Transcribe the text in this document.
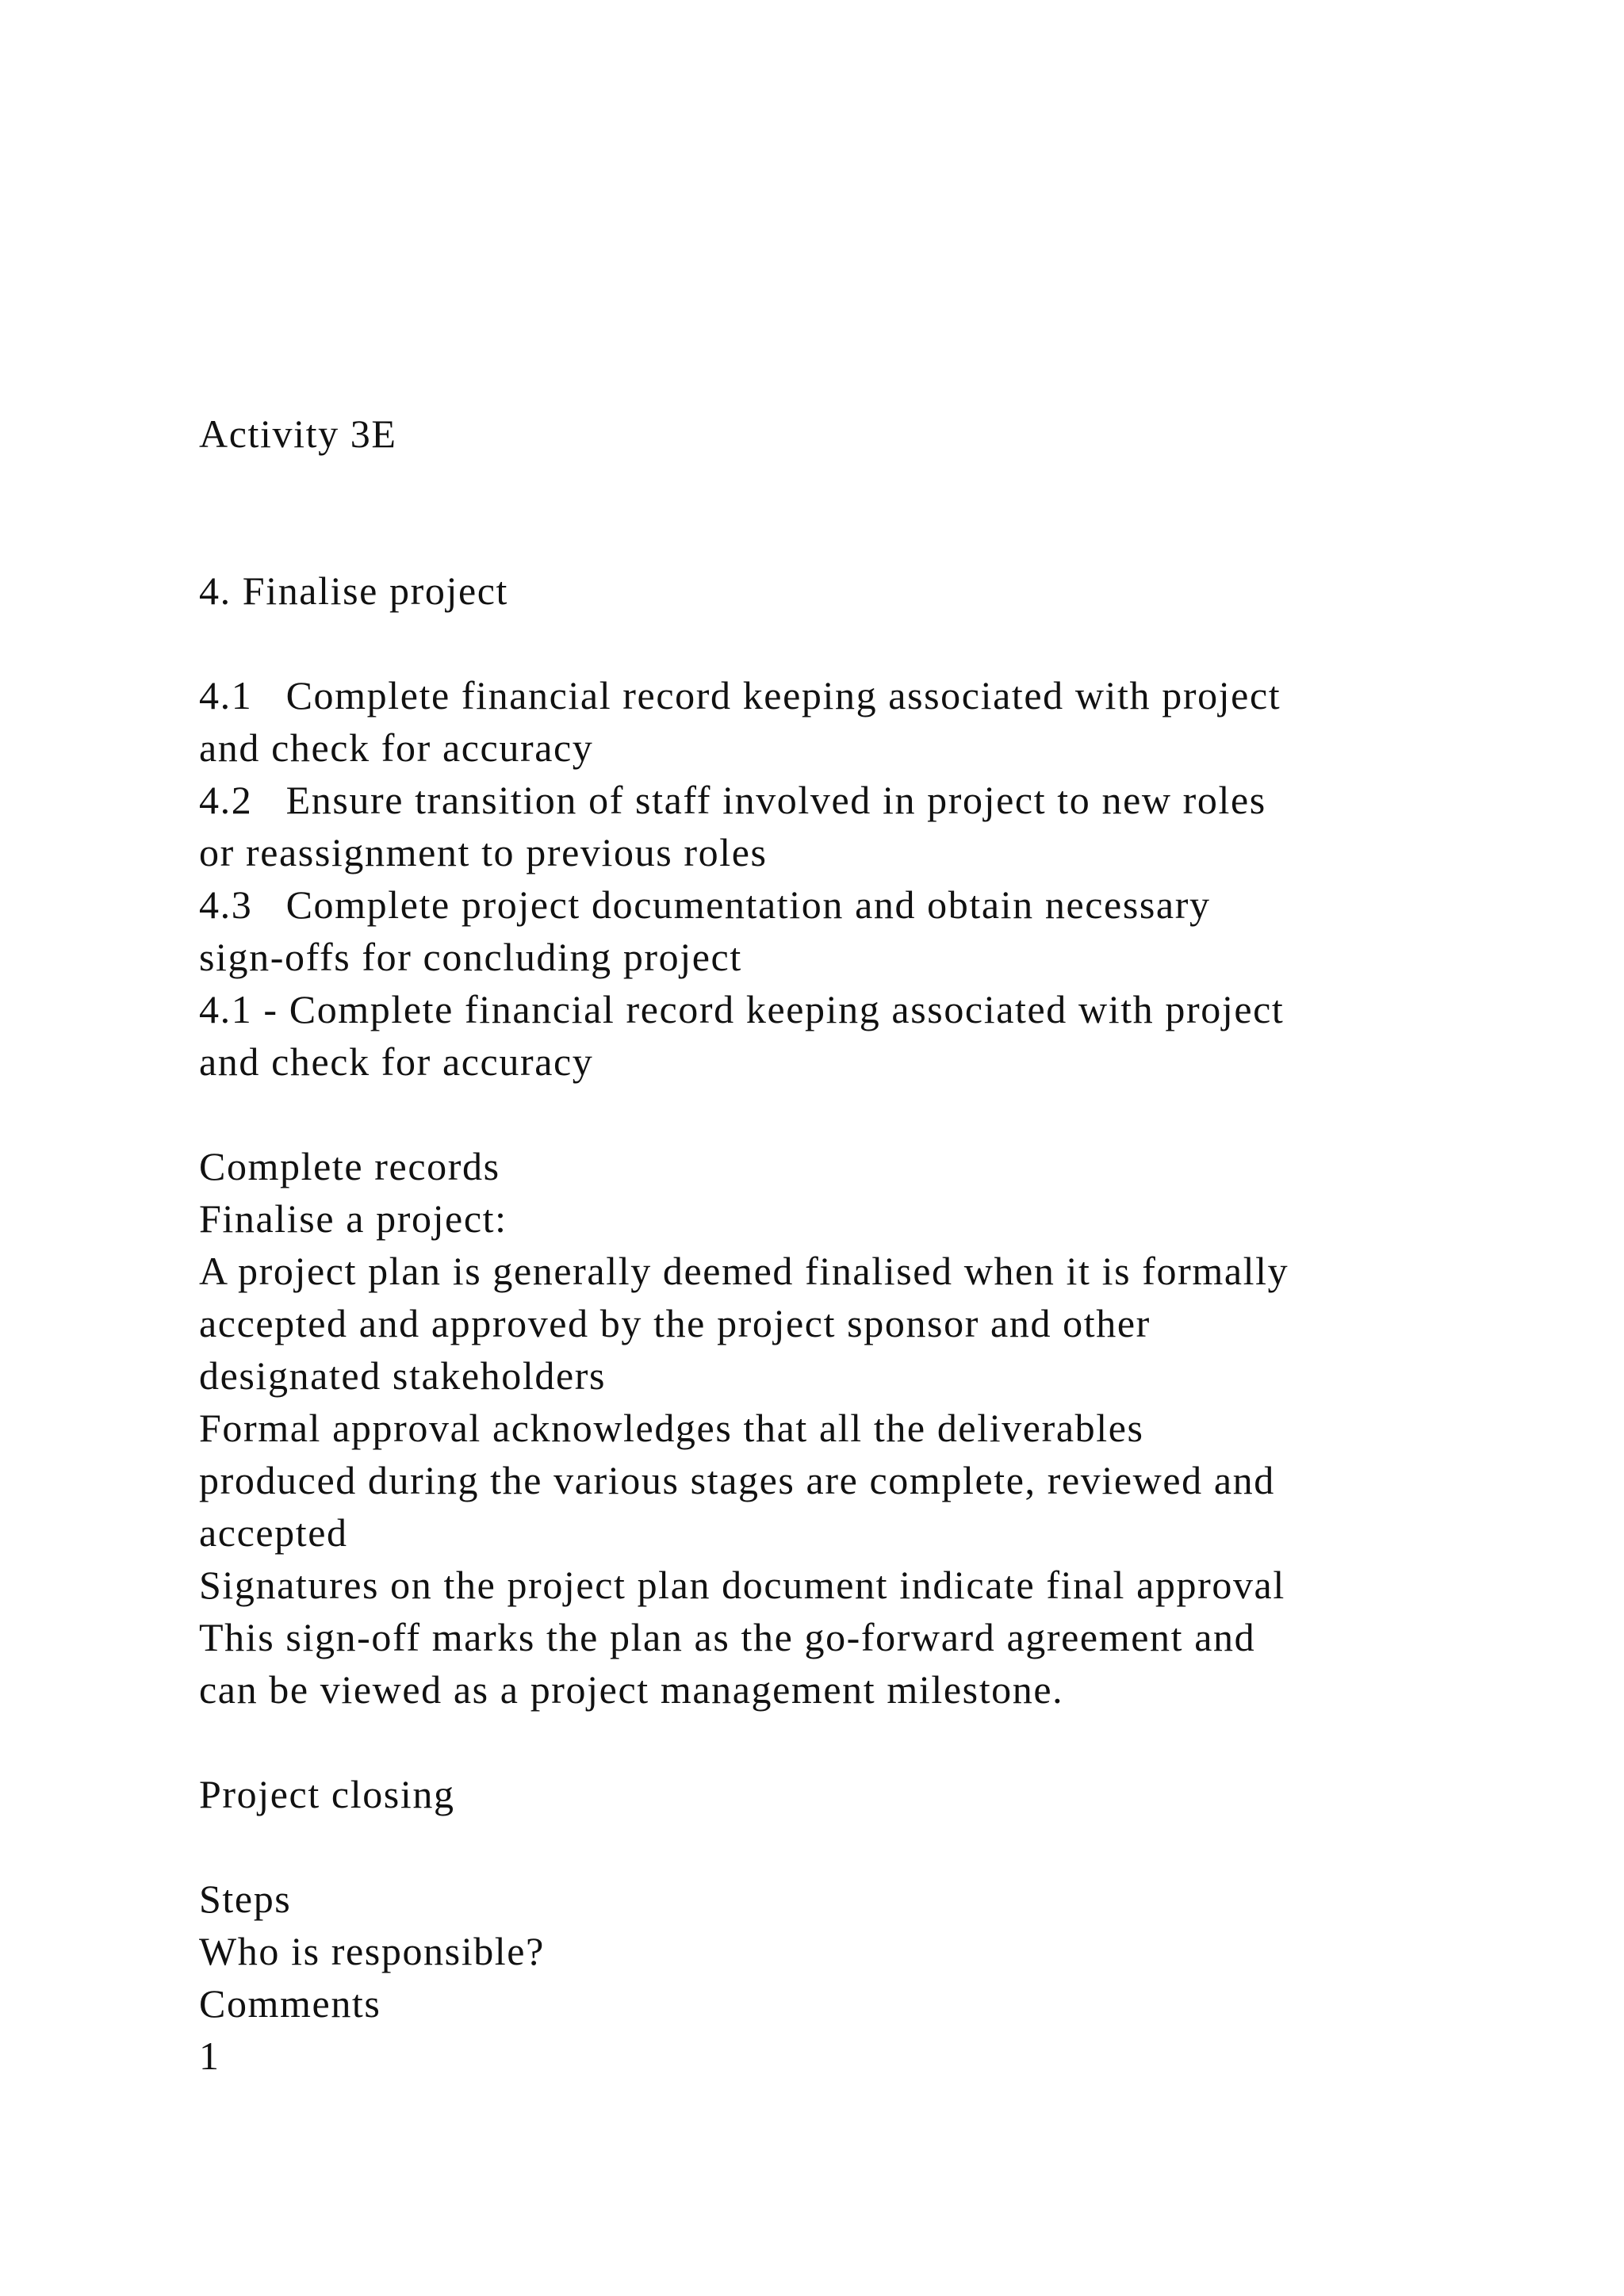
Activity 3E
4. Finalise project
4.1   Complete financial record keeping associated with project
and check for accuracy
4.2   Ensure transition of staff involved in project to new roles
or reassignment to previous roles
4.3   Complete project documentation and obtain necessary
sign-offs for concluding project
4.1 - Complete financial record keeping associated with project
and check for accuracy
Complete records
Finalise a project:
A project plan is generally deemed finalised when it is formally
accepted and approved by the project sponsor and other
designated stakeholders
Formal approval acknowledges that all the deliverables
produced during the various stages are complete, reviewed and
accepted
Signatures on the project plan document indicate final approval
This sign-off marks the plan as the go-forward agreement and
can be viewed as a project management milestone.
Project closing
Steps
Who is responsible?
Comments
1
